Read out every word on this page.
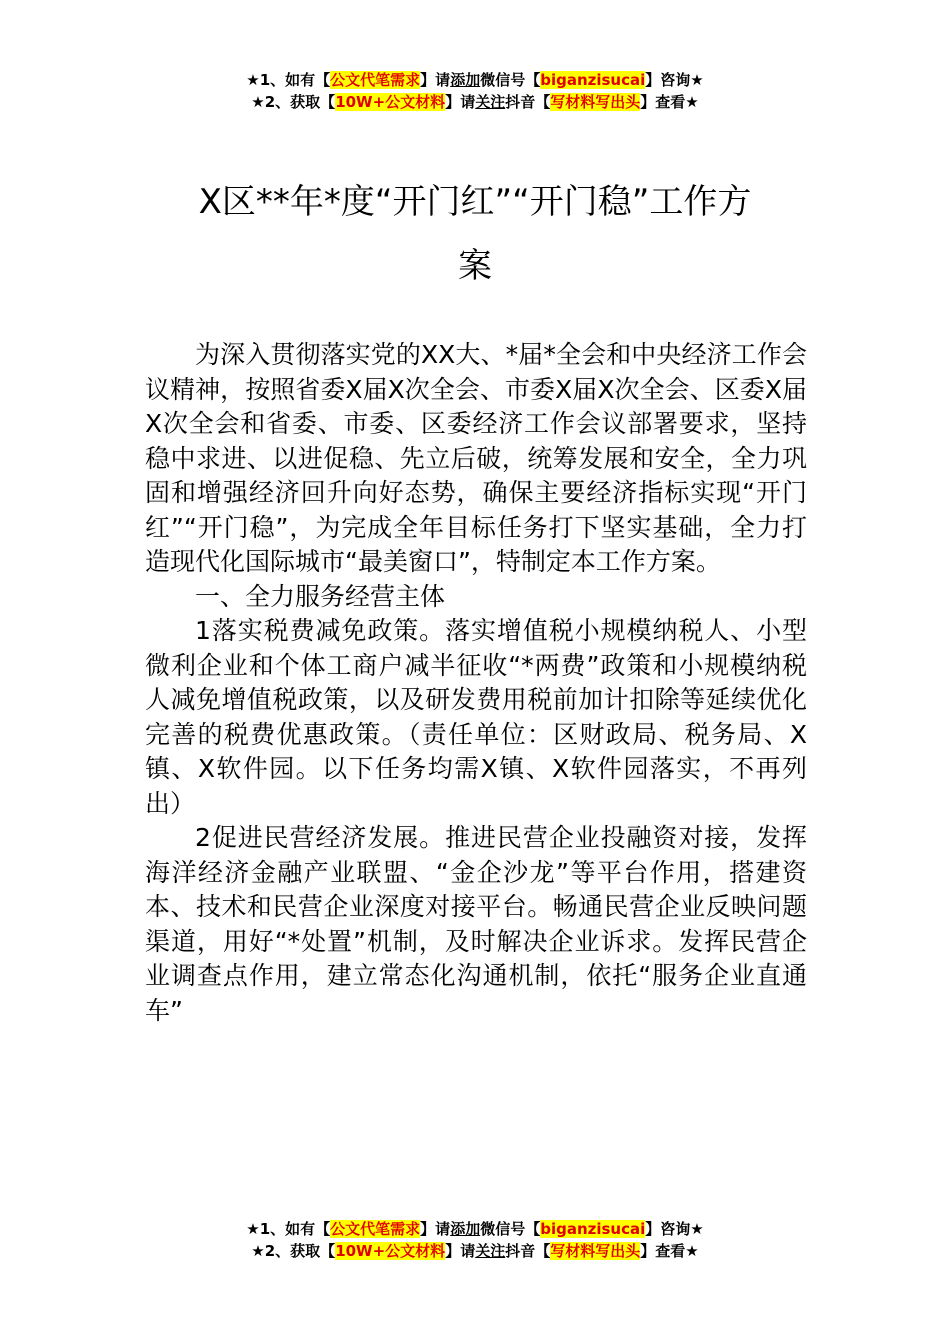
★1、如有【公文代笔需求】请添加微信号【biganzisucai】咨询★
★2、获取【10W+公文材料】请关注抖音【写材料写出头】查看★
X区**年*度“开门红”“开门稳”工作方
案

为深入贯彻落实党的XX大、*届*全会和中央经济工作会议精神，按照省委X届X次全会、市委X届X次全会、区委X届X次全会和省委、市委、区委经济工作会议部署要求，坚持稳中求进、以进促稳、先立后破，统筹发展和安全，全力巩固和增强经济回升向好态势，确保主要经济指标实现“开门红”“开门稳”，为完成全年目标任务打下坚实基础，全力打造现代化国际城市“最美窗口”，特制定本工作方案。

一、全力服务经营主体

1落实税费减免政策。落实增值税小规模纳税人、小型微利企业和个体工商户减半征收“*两费”政策和小规模纳税人减免增值税政策，以及研发费用税前加计扣除等延续优化完善的税费优惠政策。（责任单位：区财政局、税务局、X镇、X软件园。以下任务均需X镇、X软件园落实，不再列出）

2促进民营经济发展。推进民营企业投融资对接，发挥海洋经济金融产业联盟、“金企沙龙”等平台作用，搭建资本、技术和民营企业深度对接平台。畅通民营企业反映问题渠道，用好“*处置”机制，及时解决企业诉求。发挥民营企业调查点作用，建立常态化沟通机制，依托“服务企业直通车”

★1、如有【公文代笔需求】请添加微信号【biganzisucai】咨询★
★2、获取【10W+公文材料】请关注抖音【写材料写出头】查看★
